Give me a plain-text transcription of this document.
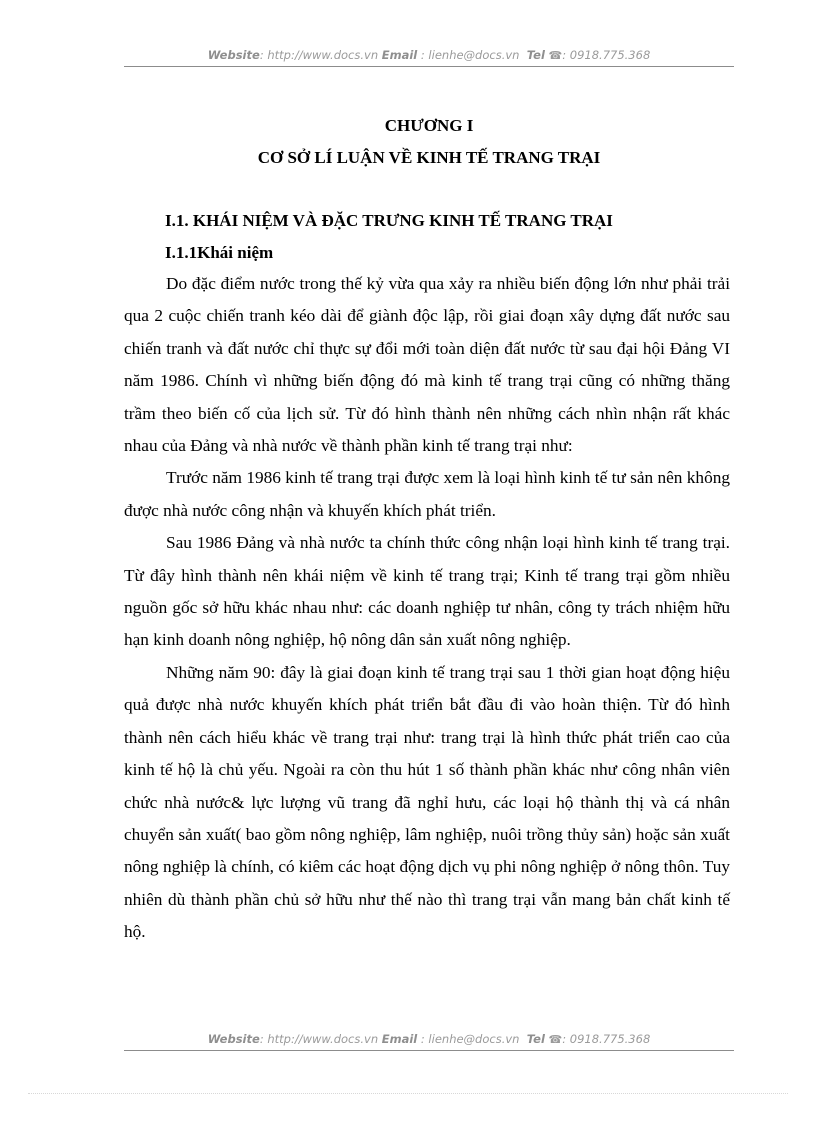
Website: http://www.docs.vn Email : lienhe@docs.vn Tel ☎: 0918.775.368
CHƯƠNG I
CƠ SỞ LÍ LUẬN VỀ KINH TẾ TRANG TRẠI
I.1. KHÁI NIỆM VÀ ĐẶC TRƯNG KINH TẾ TRANG TRẠI
I.1.1Khái niệm

Do đặc điểm nước trong thế kỷ vừa qua xảy ra nhiều biến động lớn như phải trải qua 2 cuộc chiến tranh kéo dài để giành độc lập, rồi giai đoạn xây dựng đất nước sau chiến tranh và đất nước chỉ thực sự đổi mới toàn diện đất nước từ sau đại hội Đảng VI năm 1986. Chính vì những biến động đó mà kinh tế trang trại cũng có những thăng trầm theo biến cố của lịch sử. Từ đó hình thành nên những cách nhìn nhận rất khác nhau của Đảng và nhà nước về thành phần kinh tế trang trại như:

Trước năm 1986 kinh tế trang trại được xem là loại hình kinh tế tư sản nên không được nhà nước công nhận và khuyến khích phát triển.

Sau 1986 Đảng và nhà nước ta chính thức công nhận loại hình kinh tế trang trại. Từ đây hình thành nên khái niệm về kinh tế trang trại; Kinh tế trang trại gồm nhiều nguồn gốc sở hữu khác nhau như: các doanh nghiệp tư nhân, công ty trách nhiệm hữu hạn kinh doanh nông nghiệp, hộ nông dân sản xuất nông nghiệp.

Những năm 90: đây là giai đoạn kinh tế trang trại sau 1 thời gian hoạt động hiệu quả được nhà nước khuyến khích phát triển bắt đầu đi vào hoàn thiện. Từ đó hình thành nên cách hiểu khác về trang trại như: trang trại là hình thức phát triển cao của kinh tế hộ là chủ yếu. Ngoài ra còn thu hút 1 số thành phần khác như công nhân viên chức nhà nước& lực lượng vũ trang đã nghỉ hưu, các loại hộ thành thị và cá nhân chuyển sản xuất( bao gồm nông nghiệp, lâm nghiệp, nuôi trồng thủy sản) hoặc sản xuất nông nghiệp là chính, có kiêm các hoạt động dịch vụ phi nông nghiệp ở nông thôn. Tuy nhiên dù thành phần chủ sở hữu như thế nào thì trang trại vẫn mang bản chất kinh tế hộ.

Website: http://www.docs.vn Email : lienhe@docs.vn Tel ☎: 0918.775.368
